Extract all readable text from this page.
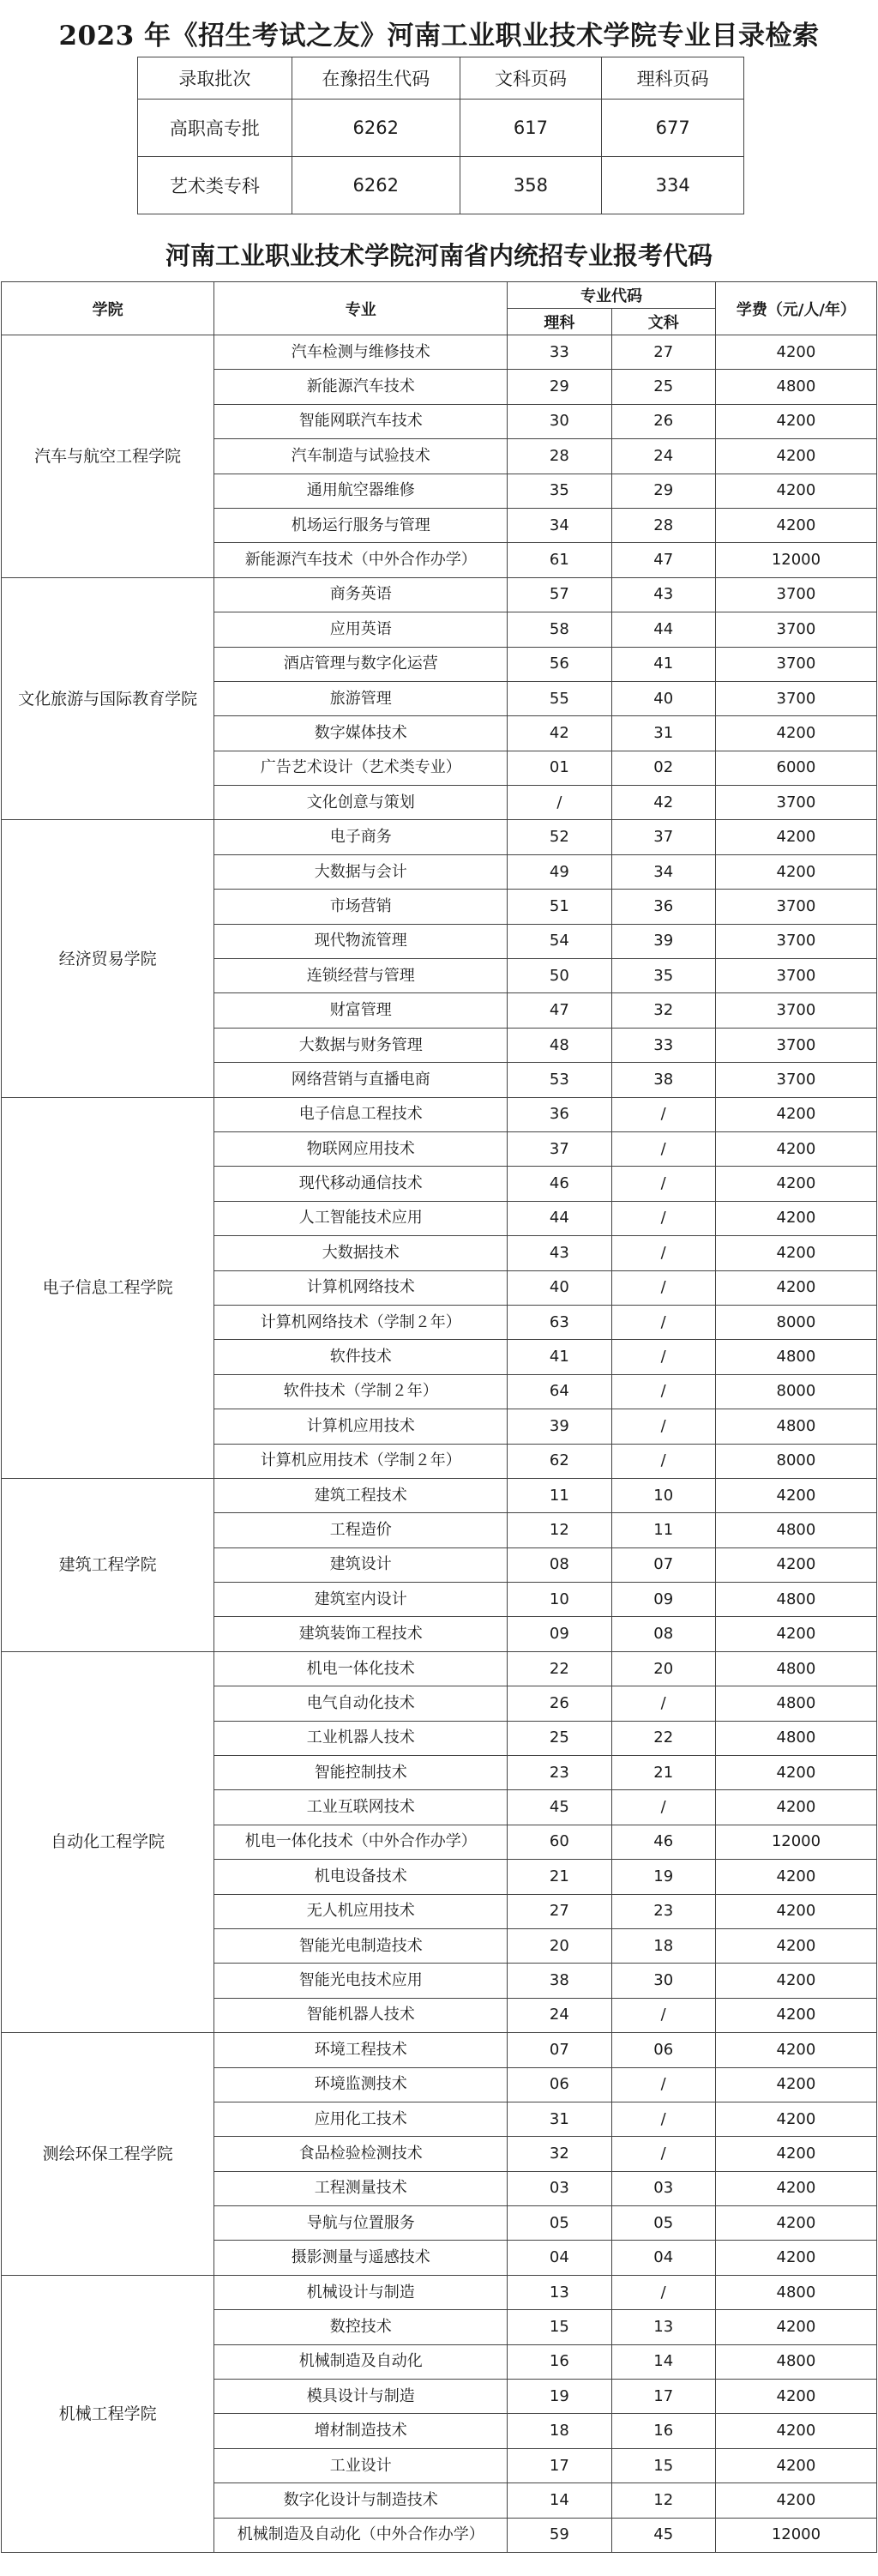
2023 年《招生考试之友》河南工业职业技术学院专业目录检索
录取批次	在豫招生代码	文科页码	理科页码
高职高专批	6262	617	677
艺术类专科	6262	358	334
河南工业职业技术学院河南省内统招专业报考代码
学院	专业	专业代码		学费（元/人/年）
		理科	文科	
汽车与航空工程学院	汽车检测与维修技术	33	27	4200
	新能源汽车技术	29	25	4800
	智能网联汽车技术	30	26	4200
	汽车制造与试验技术	28	24	4200
	通用航空器维修	35	29	4200
	机场运行服务与管理	34	28	4200
	新能源汽车技术（中外合作办学）	61	47	12000
文化旅游与国际教育学院	商务英语	57	43	3700
	应用英语	58	44	3700
	酒店管理与数字化运营	56	41	3700
	旅游管理	55	40	3700
	数字媒体技术	42	31	4200
	广告艺术设计（艺术类专业）	01	02	6000
	文化创意与策划	/	42	3700
经济贸易学院	电子商务	52	37	4200
	大数据与会计	49	34	4200
	市场营销	51	36	3700
	现代物流管理	54	39	3700
	连锁经营与管理	50	35	3700
	财富管理	47	32	3700
	大数据与财务管理	48	33	3700
	网络营销与直播电商	53	38	3700
电子信息工程学院	电子信息工程技术	36	/	4200
	物联网应用技术	37	/	4200
	现代移动通信技术	46	/	4200
	人工智能技术应用	44	/	4200
	大数据技术	43	/	4200
	计算机网络技术	40	/	4200
	计算机网络技术（学制２年）	63	/	8000
	软件技术	41	/	4800
	软件技术（学制２年）	64	/	8000
	计算机应用技术	39	/	4800
	计算机应用技术（学制２年）	62	/	8000
建筑工程学院	建筑工程技术	11	10	4200
	工程造价	12	11	4800
	建筑设计	08	07	4200
	建筑室内设计	10	09	4800
	建筑装饰工程技术	09	08	4200
自动化工程学院	机电一体化技术	22	20	4800
	电气自动化技术	26	/	4800
	工业机器人技术	25	22	4800
	智能控制技术	23	21	4200
	工业互联网技术	45	/	4200
	机电一体化技术（中外合作办学）	60	46	12000
	机电设备技术	21	19	4200
	无人机应用技术	27	23	4200
	智能光电制造技术	20	18	4200
	智能光电技术应用	38	30	4200
	智能机器人技术	24	/	4200
测绘环保工程学院	环境工程技术	07	06	4200
	环境监测技术	06	/	4200
	应用化工技术	31	/	4200
	食品检验检测技术	32	/	4200
	工程测量技术	03	03	4200
	导航与位置服务	05	05	4200
	摄影测量与遥感技术	04	04	4200
机械工程学院	机械设计与制造	13	/	4800
	数控技术	15	13	4200
	机械制造及自动化	16	14	4800
	模具设计与制造	19	17	4200
	增材制造技术	18	16	4200
	工业设计	17	15	4200
	数字化设计与制造技术	14	12	4200
	机械制造及自动化（中外合作办学）	59	45	12000
